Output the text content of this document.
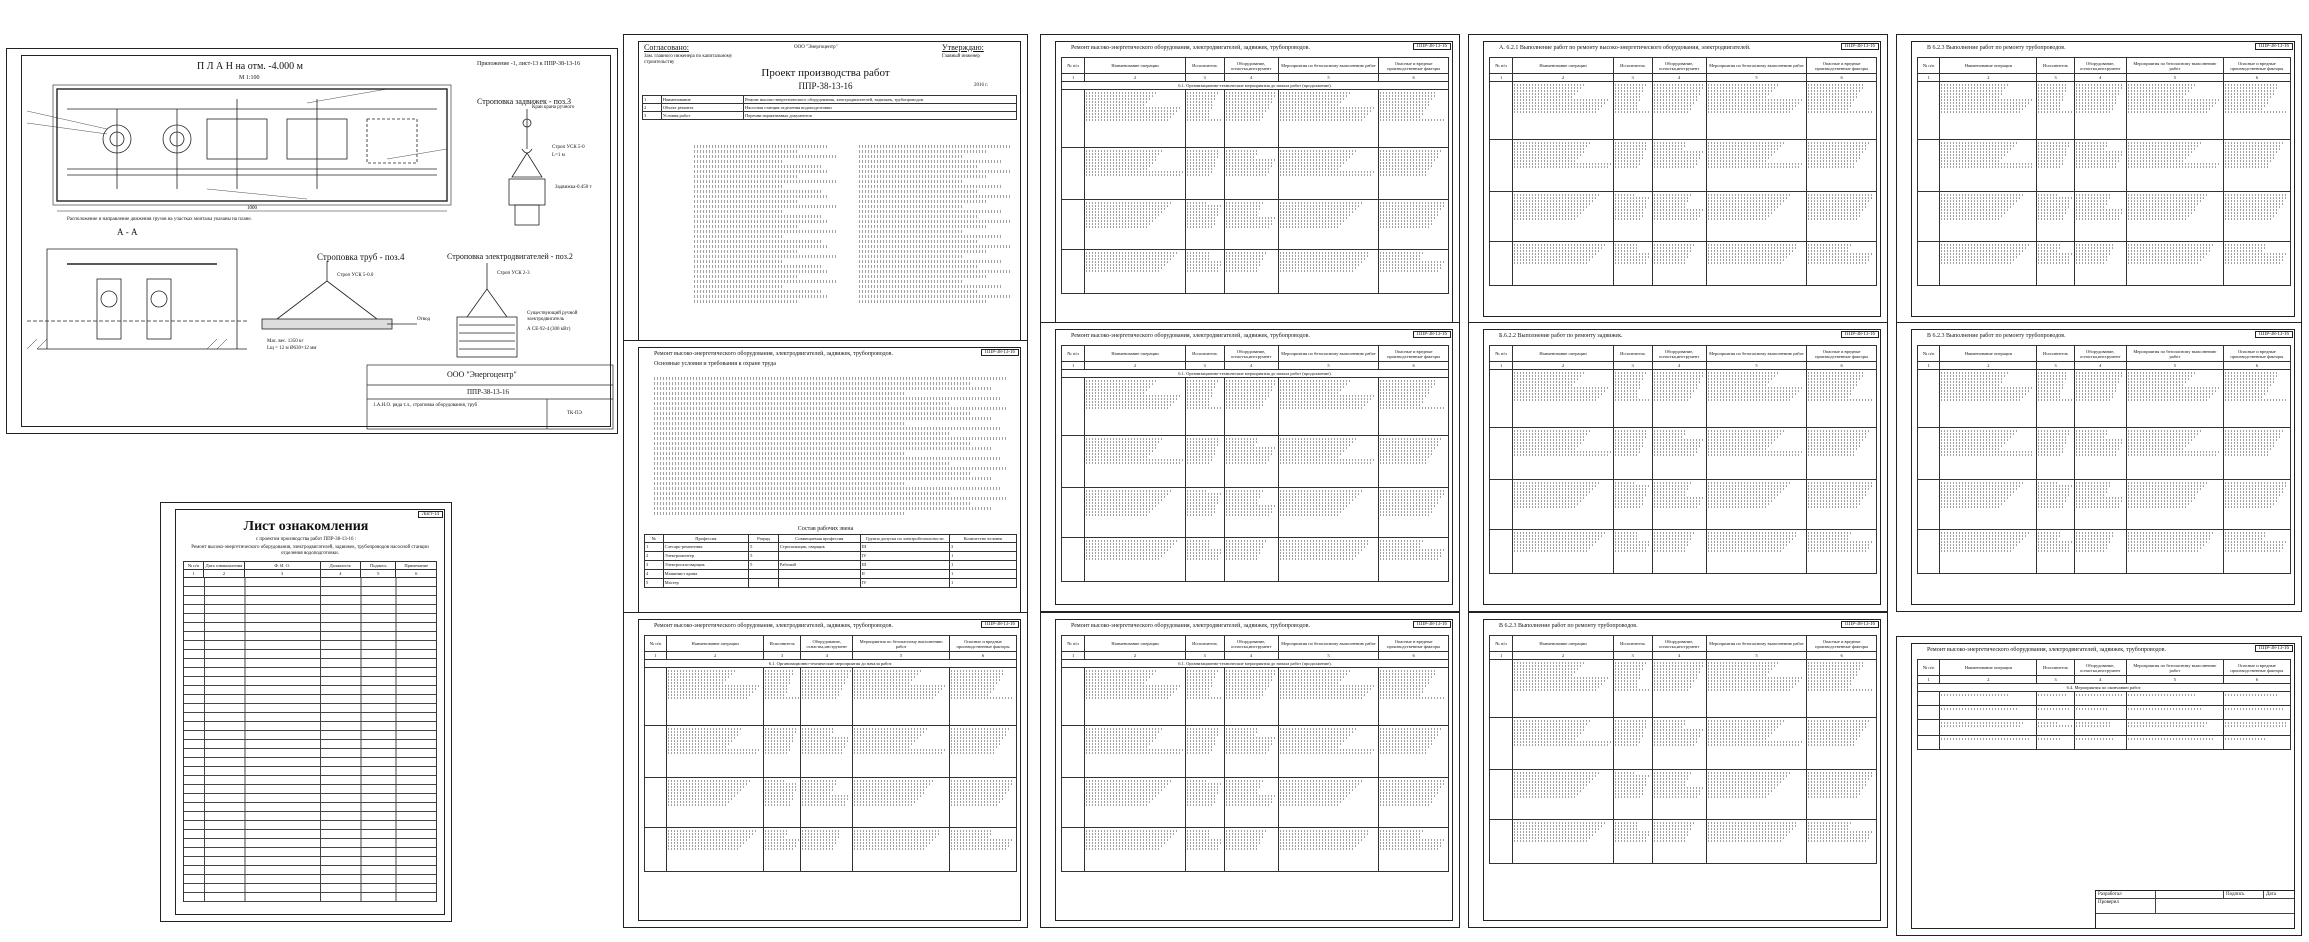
П Л А Н на отм. -4.000 м
М 1:100
Приложение -1, лист-13 к ППР-38-13-16
Строповка задвижек - поз.3
А - А
Строповка труб - поз.4	Строповка электродвигателей - поз.2
1000
Кран крана ручного
Строп УСК 5-0
L=1 м
Задвижка-0.450 т
Строп УСК 5-0.0	Строп УСК 2-3
Отвод
Существующий ручной электродвигатель
А СЕ-92-4 (300 кВт)
Мас. вес. 1350 кг
Lщ = 12 м Ø630×12 мм
Расположение и направление движения грузов на участках монтажа указаны на плане.
ООО "Энергоцентр"
ППР-38-13-16
1.А.Н.О. ряда т.л., строповка оборудования, труб
ТК-ПЭ
Лист-14
Лист ознакомления
с проектом производства работ ППР-38-13-16 :
Ремонт высоко-энергетического оборудования, электродвигателей, задвижек, трубопроводов насосной станции отделения водоподготовки.
№ п/п	Дата ознакомления	Ф. И. О.	Должность	Подпись	Примечание
1	2	3	4	5	6
Согласовано:
Зам. главного инженера по капитальному строительству
ООО "Энергоцентр"	Утверждаю:
Главный инженер
Проект производства работ
ППР-38-13-16	2016 г.
1	Наименование	Ремонт высоко-энергетического оборудования, электродвигателей, задвижек, трубопроводов.
2	Объект ремонта	Насосная станция отделения водоподготовки
3	Условия работ	Перечни нормативных документов
ППР-38-13-16
Ремонт высоко-энергетического оборудования, электродвигателей, задвижек, трубопроводов.
Основные условия и требования к охране труда
Состав рабочих звена
№	Профессия	Разряд	Совмещаемая профессия	Группа допуска по электробезопасности	Количество человек
1	Слесарь-ремонтник	5	Стропальщик, сварщик	III	3
2	Электромонтер	5		IV	1
3	Электрогазосварщик	5	Рабочий	III	1
4	Машинист крана			II	1
5	Мастер			IV	1
ППР-38-13-16
Ремонт высоко-энергетического оборудования, электродвигателей, задвижек, трубопроводов.
№ п/п	Наименование операции	Исполнитель	Оборудование, оснастка,инструмент	Мероприятия по безопасному выполнению работ	Опасные и вредные производственные факторы
1	2	3	4	5	6
6.1. Организационно-технические мероприятия до начала работ.					

ППР-38-13-16
Ремонт высоко-энергетического оборудования, электродвигателей, задвижек, трубопроводов.
№ п/п	Наименование операции	Исполнитель	Оборудование, оснастка,инструмент	Мероприятия по безопасному выполнению работ	Опасные и вредные производственные факторы
1	2	3	4	5	6
6.1. Организационно-технические мероприятия до начала работ (продолжение).					

ППР-38-13-16
Ремонт высоко-энергетического оборудования, электродвигателей, задвижек, трубопроводов.
№ п/п	Наименование операции	Исполнитель	Оборудование, оснастка,инструмент	Мероприятия по безопасному выполнению работ	Опасные и вредные производственные факторы
1	2	3	4	5	6
6.1. Организационно-технические мероприятия до начала работ (продолжение).					

ППР-38-13-16
Ремонт высоко-энергетического оборудования, электродвигателей, задвижек, трубопроводов.
№ п/п	Наименование операции	Исполнитель	Оборудование, оснастка,инструмент	Мероприятия по безопасному выполнению работ	Опасные и вредные производственные факторы
1	2	3	4	5	6
6.1. Организационно-технические мероприятия до начала работ (продолжение).					

ППР-38-13-16
А. 6.2.1 Выполнение работ по ремонту высоко-энергетического оборудования, электродвигателей.
№ п/п	Наименование операции	Исполнитель	Оборудование, оснастка,инструмент	Мероприятия по безопасному выполнению работ	Опасные и вредные производственные факторы
1	2	3	4	5	6

ППР-38-13-16
Б.6.2.2 Выполнение работ по ремонту задвижек.
№ п/п	Наименование операции	Исполнитель	Оборудование, оснастка,инструмент	Мероприятия по безопасному выполнению работ	Опасные и вредные производственные факторы
1	2	3	4	5	6

ППР-38-13-16
В 6.2.3 Выполнение работ по ремонту трубопроводов.
№ п/п	Наименование операции	Исполнитель	Оборудование, оснастка,инструмент	Мероприятия по безопасному выполнению работ	Опасные и вредные производственные факторы
1	2	3	4	5	6

ППР-38-13-16
В 6.2.3 Выполнение работ по ремонту трубопроводов.
№ п/п	Наименование операции	Исполнитель	Оборудование, оснастка,инструмент	Мероприятия по безопасному выполнению работ	Опасные и вредные производственные факторы
1	2	3	4	5	6

ППР-38-13-16
В 6.2.3 Выполнение работ по ремонту трубопроводов.
№ п/п	Наименование операции	Исполнитель	Оборудование, оснастка,инструмент	Мероприятия по безопасному выполнению работ	Опасные и вредные производственные факторы
1	2	3	4	5	6

ППР-38-13-16
Ремонт высоко-энергетического оборудования, электродвигателей, задвижек, трубопроводов.
№ п/п	Наименование операции	Исполнитель	Оборудование, оснастка,инструмент	Мероприятия по безопасному выполнению работ	Опасные и вредные производственные факторы
1	2	3	4	5	6
6.4. Мероприятия по окончанию работ.					

Разработал	Подпись	Дата
Проверил
